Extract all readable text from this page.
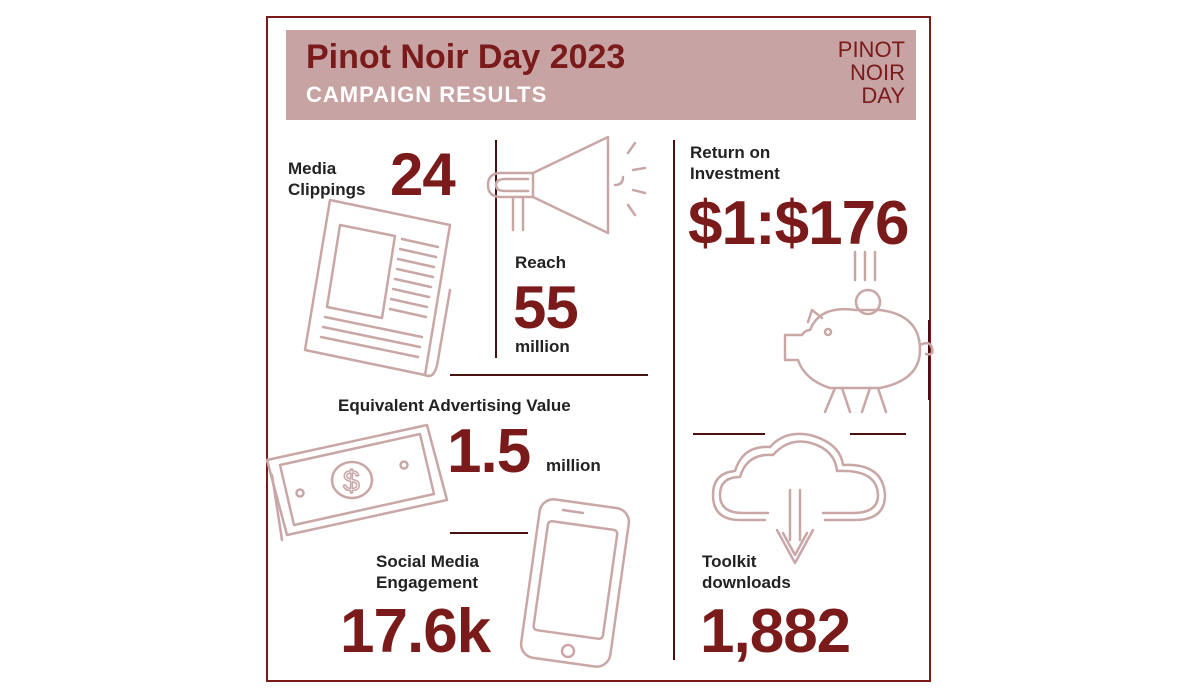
Pinot Noir Day 2023
CAMPAIGN RESULTS
PINOT
NOIR
DAY
Media Clippings 24
Reach
55
million
Return on
Investment
$1:$176
Equivalent Advertising Value
1.5 million
Social Media
Engagement
17.6k
Toolkit
downloads
1,882
$
